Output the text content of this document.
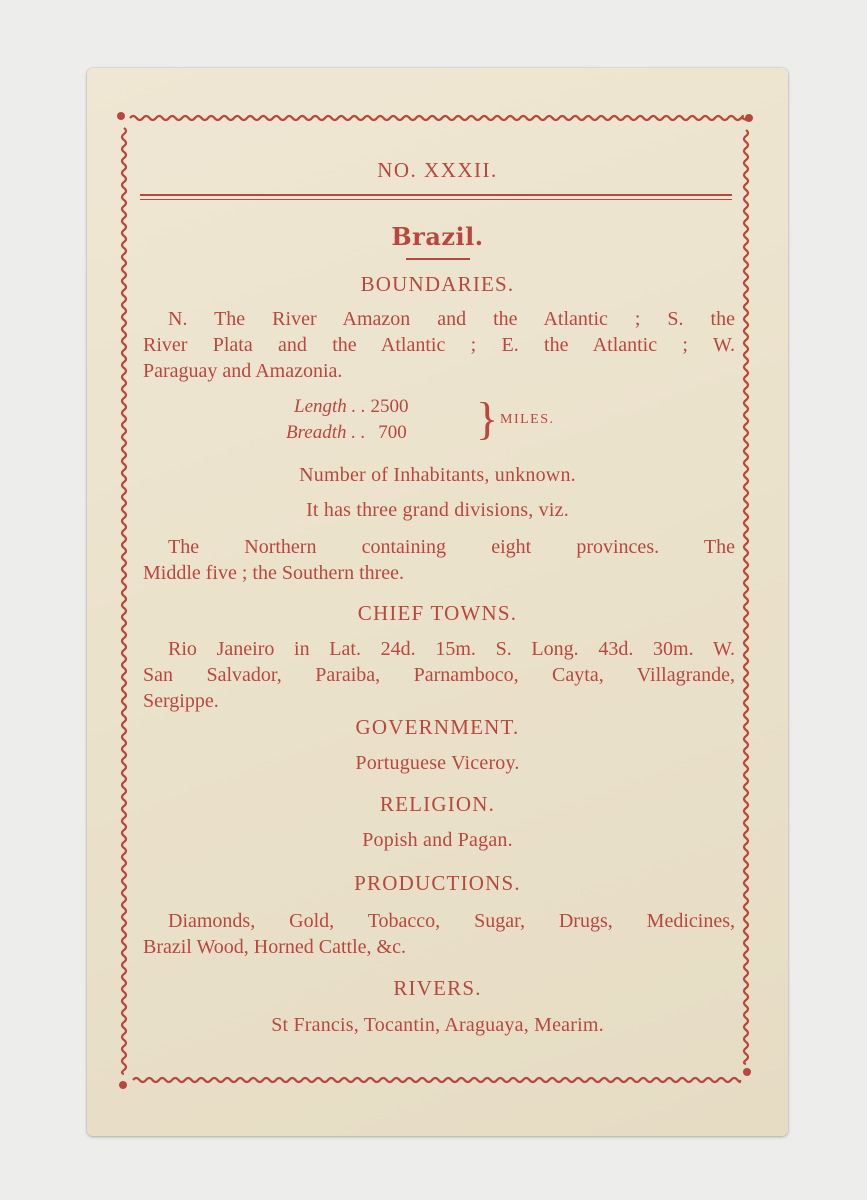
NO. XXXII.
Brazil.
BOUNDARIES.
N. The River Amazon and the Atlantic ; S. the
River Plata and the Atlantic ; E. the Atlantic ; W.
Paraguay and Amazonia.
Length . . 2500
Breadth . . 700 } MILES.
Number of Inhabitants, unknown.
It has three grand divisions, viz.
The Northern containing eight provinces. The
Middle five ; the Southern three.
CHIEF TOWNS.
Rio Janeiro in Lat. 24d. 15m. S. Long. 43d. 30m. W.
San Salvador, Paraiba, Parnamboco, Cayta, Villagrande,
Sergippe.
GOVERNMENT.
Portuguese Viceroy.
RELIGION.
Popish and Pagan.
PRODUCTIONS.
Diamonds, Gold, Tobacco, Sugar, Drugs, Medicines,
Brazil Wood, Horned Cattle, &c.
RIVERS.
St Francis, Tocantin, Araguaya, Mearim.
